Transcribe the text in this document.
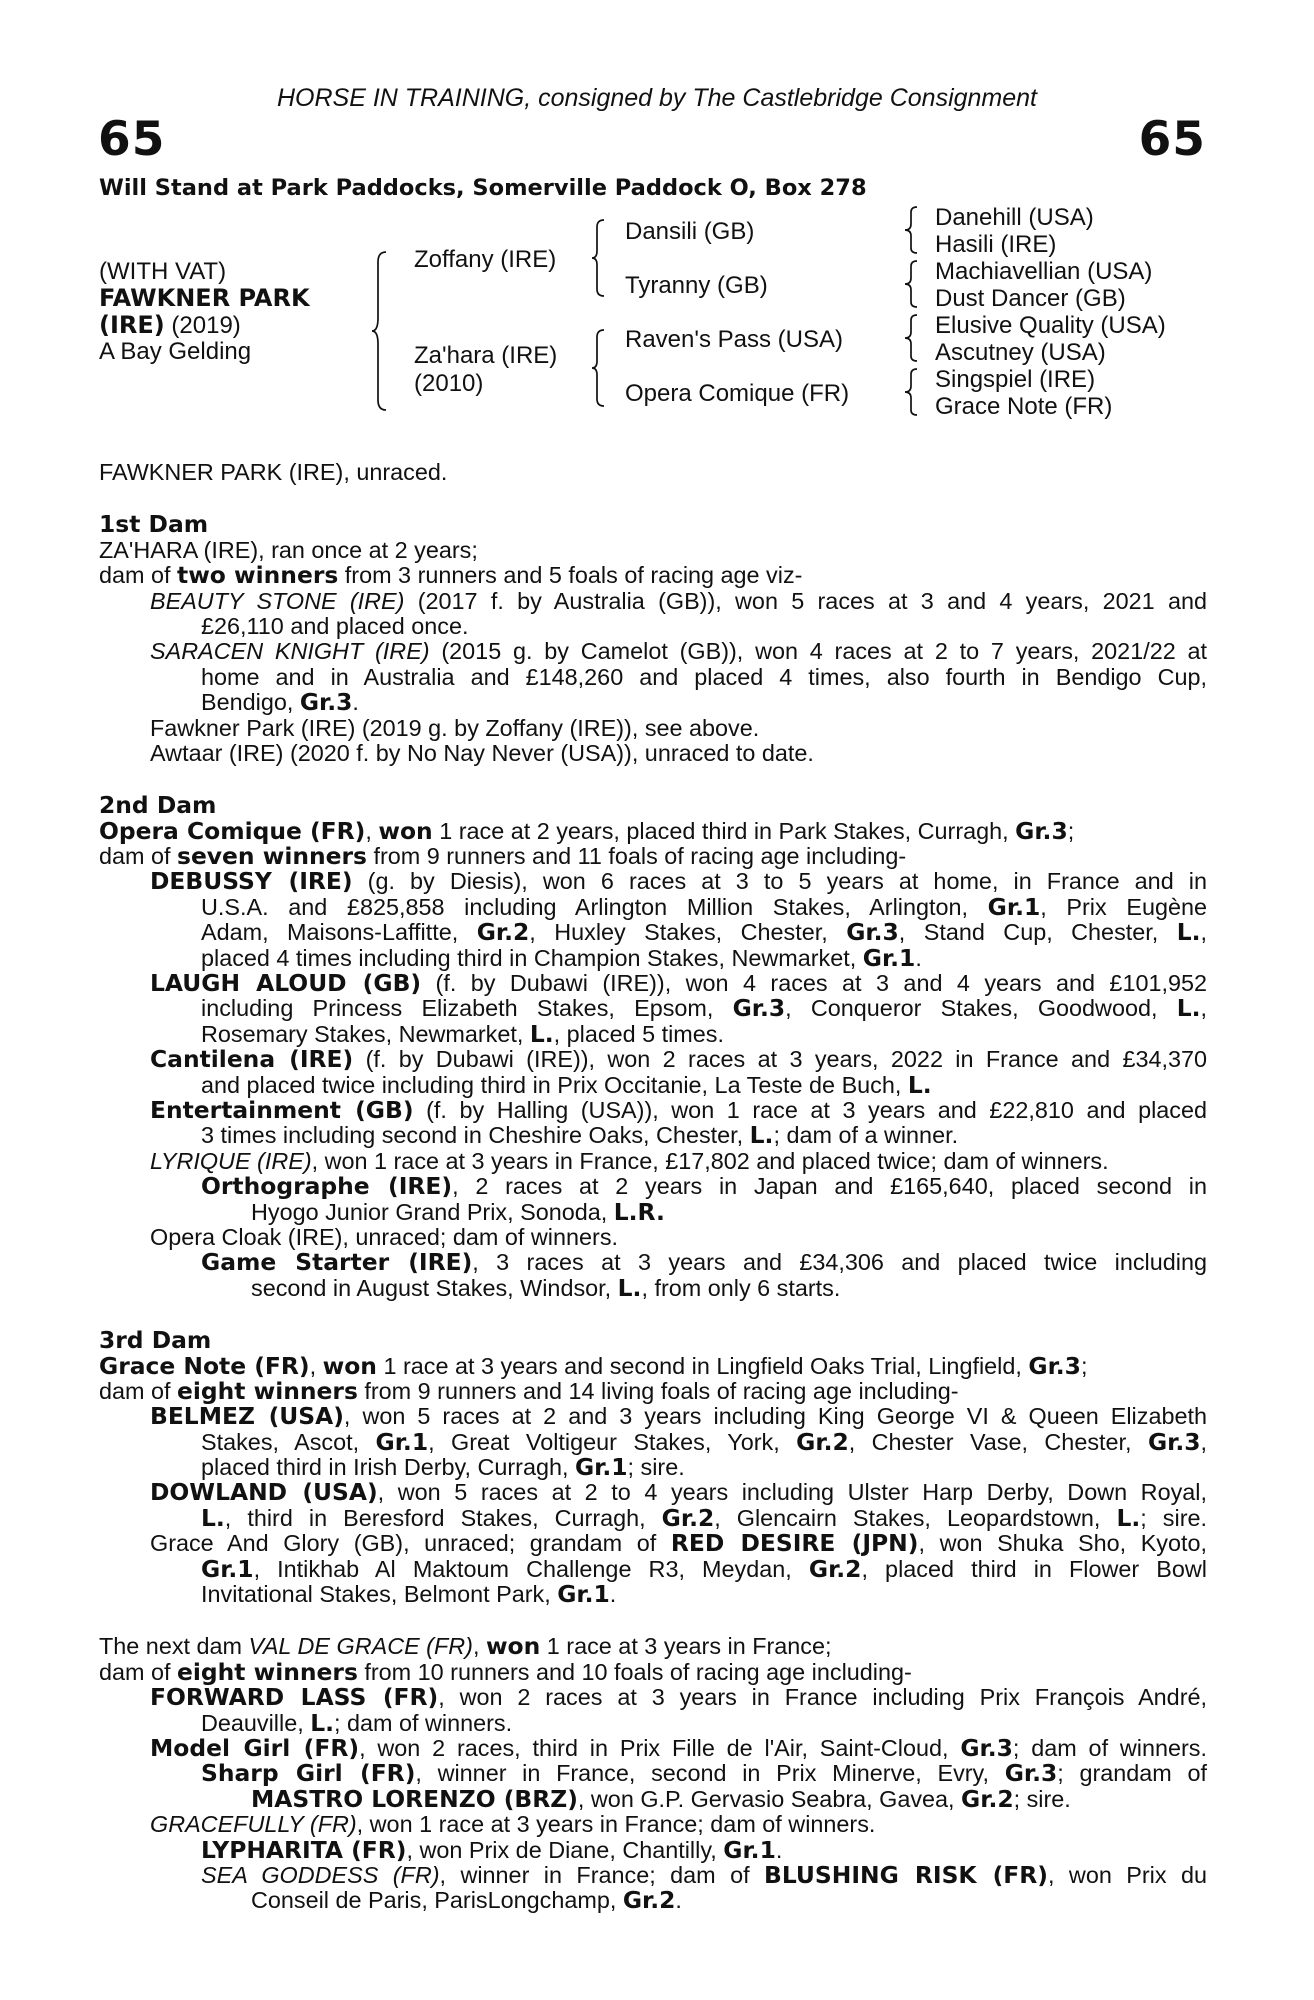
HORSE IN TRAINING, consigned by The Castlebridge Consignment
65	65
Will Stand at Park Paddocks, Somerville Paddock O, Box 278
(WITH VAT)
FAWKNER PARK
(IRE) (2019)
A Bay Gelding
Zoffany (IRE)
Za'hara (IRE)
(2010)
Dansili (GB)
Tyranny (GB)
Raven's Pass (USA)
Opera Comique (FR)
Danehill (USA)
Hasili (IRE)
Machiavellian (USA)
Dust Dancer (GB)
Elusive Quality (USA)
Ascutney (USA)
Singspiel (IRE)
Grace Note (FR)
FAWKNER PARK (IRE), unraced.
1st Dam
ZA'HARA (IRE), ran once at 2 years;
dam of two winners from 3 runners and 5 foals of racing age viz-
BEAUTY STONE (IRE) (2017 f. by Australia (GB)), won 5 races at 3 and 4 years, 2021 and
£26,110 and placed once.
SARACEN KNIGHT (IRE) (2015 g. by Camelot (GB)), won 4 races at 2 to 7 years, 2021/22 at
home and in Australia and £148,260 and placed 4 times, also fourth in Bendigo Cup,
Bendigo, Gr.3.
Fawkner Park (IRE) (2019 g. by Zoffany (IRE)), see above.
Awtaar (IRE) (2020 f. by No Nay Never (USA)), unraced to date.
2nd Dam
Opera Comique (FR), won 1 race at 2 years, placed third in Park Stakes, Curragh, Gr.3;
dam of seven winners from 9 runners and 11 foals of racing age including-
DEBUSSY (IRE) (g. by Diesis), won 6 races at 3 to 5 years at home, in France and in
U.S.A. and £825,858 including Arlington Million Stakes, Arlington, Gr.1, Prix Eugène
Adam, Maisons-Laffitte, Gr.2, Huxley Stakes, Chester, Gr.3, Stand Cup, Chester, L.,
placed 4 times including third in Champion Stakes, Newmarket, Gr.1.
LAUGH ALOUD (GB) (f. by Dubawi (IRE)), won 4 races at 3 and 4 years and £101,952
including Princess Elizabeth Stakes, Epsom, Gr.3, Conqueror Stakes, Goodwood, L.,
Rosemary Stakes, Newmarket, L., placed 5 times.
Cantilena (IRE) (f. by Dubawi (IRE)), won 2 races at 3 years, 2022 in France and £34,370
and placed twice including third in Prix Occitanie, La Teste de Buch, L.
Entertainment (GB) (f. by Halling (USA)), won 1 race at 3 years and £22,810 and placed
3 times including second in Cheshire Oaks, Chester, L.; dam of a winner.
LYRIQUE (IRE), won 1 race at 3 years in France, £17,802 and placed twice; dam of winners.
Orthographe (IRE), 2 races at 2 years in Japan and £165,640, placed second in
Hyogo Junior Grand Prix, Sonoda, L.R.
Opera Cloak (IRE), unraced; dam of winners.
Game Starter (IRE), 3 races at 3 years and £34,306 and placed twice including
second in August Stakes, Windsor, L., from only 6 starts.
3rd Dam
Grace Note (FR), won 1 race at 3 years and second in Lingfield Oaks Trial, Lingfield, Gr.3;
dam of eight winners from 9 runners and 14 living foals of racing age including-
BELMEZ (USA), won 5 races at 2 and 3 years including King George VI & Queen Elizabeth
Stakes, Ascot, Gr.1, Great Voltigeur Stakes, York, Gr.2, Chester Vase, Chester, Gr.3,
placed third in Irish Derby, Curragh, Gr.1; sire.
DOWLAND (USA), won 5 races at 2 to 4 years including Ulster Harp Derby, Down Royal,
L., third in Beresford Stakes, Curragh, Gr.2, Glencairn Stakes, Leopardstown, L.; sire.
Grace And Glory (GB), unraced; grandam of RED DESIRE (JPN), won Shuka Sho, Kyoto,
Gr.1, Intikhab Al Maktoum Challenge R3, Meydan, Gr.2, placed third in Flower Bowl
Invitational Stakes, Belmont Park, Gr.1.
The next dam VAL DE GRACE (FR), won 1 race at 3 years in France;
dam of eight winners from 10 runners and 10 foals of racing age including-
FORWARD LASS (FR), won 2 races at 3 years in France including Prix François André,
Deauville, L.; dam of winners.
Model Girl (FR), won 2 races, third in Prix Fille de l'Air, Saint-Cloud, Gr.3; dam of winners.
Sharp Girl (FR), winner in France, second in Prix Minerve, Evry, Gr.3; grandam of
MASTRO LORENZO (BRZ), won G.P. Gervasio Seabra, Gavea, Gr.2; sire.
GRACEFULLY (FR), won 1 race at 3 years in France; dam of winners.
LYPHARITA (FR), won Prix de Diane, Chantilly, Gr.1.
SEA GODDESS (FR), winner in France; dam of BLUSHING RISK (FR), won Prix du
Conseil de Paris, ParisLongchamp, Gr.2.
